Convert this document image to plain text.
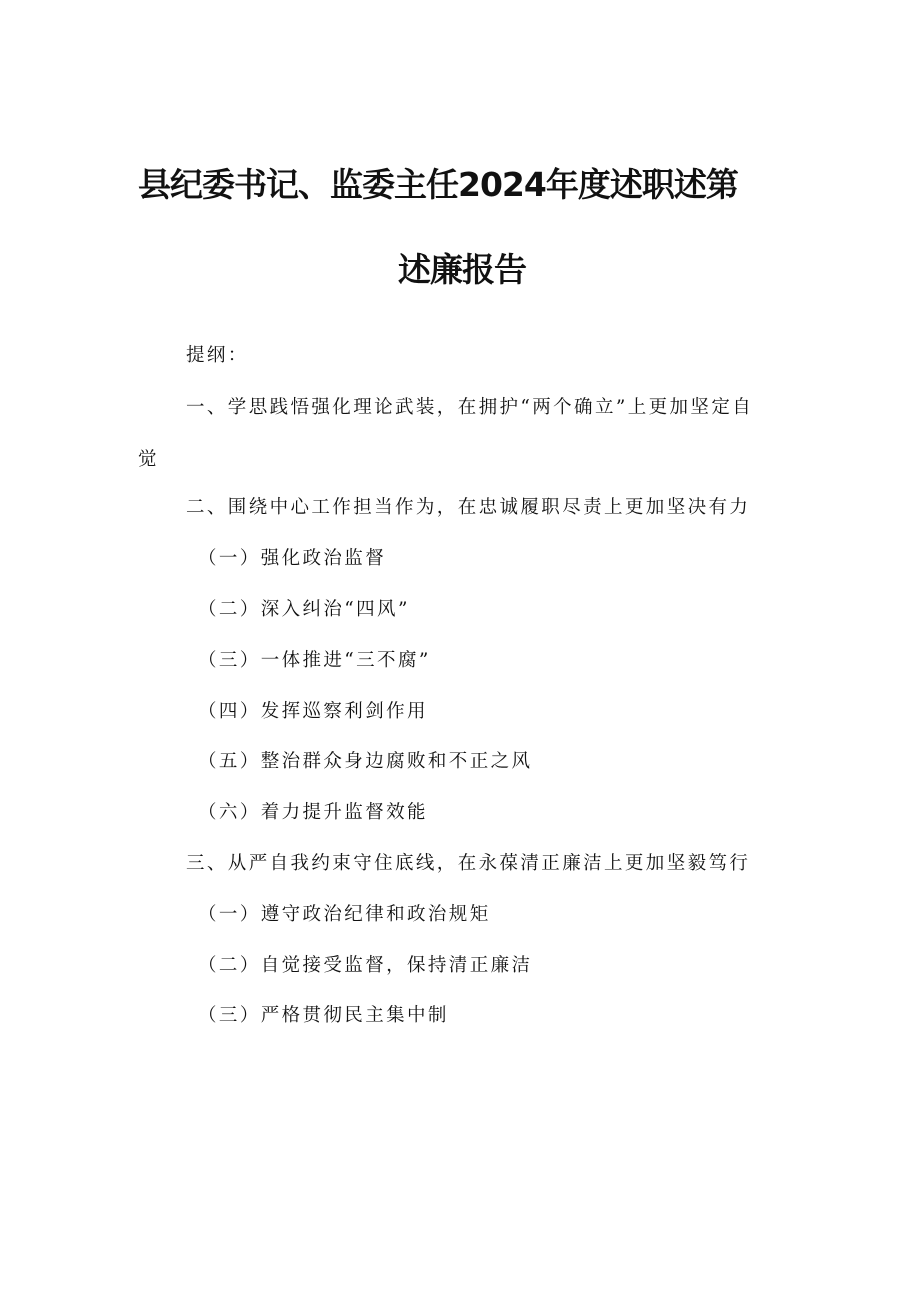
县纪委书记、监委主任2024年度述职述第
述廉报告
提纲：
一、学思践悟强化理论武装，在拥护“两个确立”上更加坚定自
觉
二、围绕中心工作担当作为，在忠诚履职尽责上更加坚决有力
（一）强化政治监督
（二）深入纠治“四风”
（三）一体推进“三不腐”
（四）发挥巡察利剑作用
（五）整治群众身边腐败和不正之风
（六）着力提升监督效能
三、从严自我约束守住底线，在永葆清正廉洁上更加坚毅笃行
（一）遵守政治纪律和政治规矩
（二）自觉接受监督，保持清正廉洁
（三）严格贯彻民主集中制
